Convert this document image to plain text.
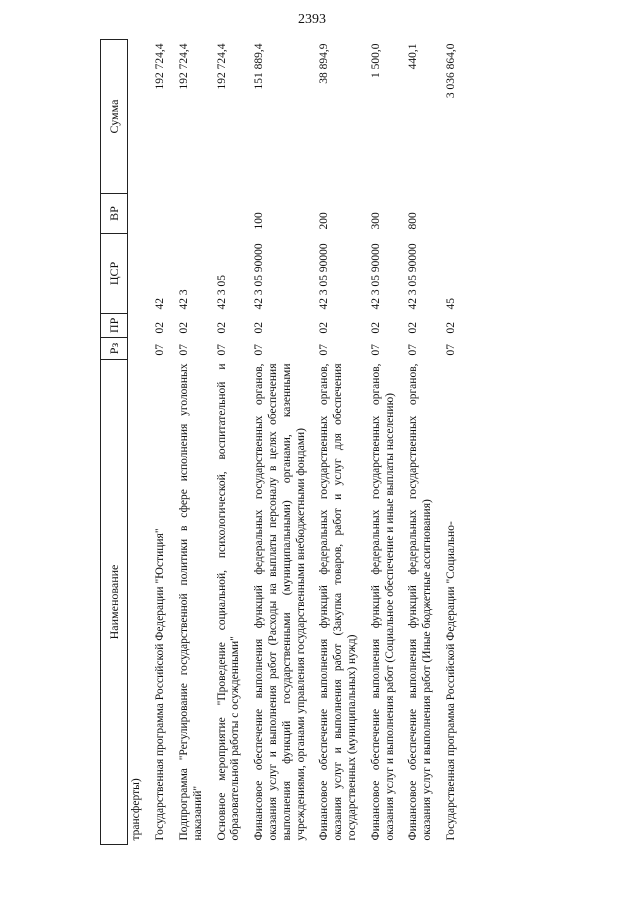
2393
Наименование	Рз	ПР	ЦСР	ВР	Сумма
трансферты)					
Государственная программа Российской Федерации "Юстиция"	07	02	42		192 724,4
Подпрограмма "Регулирование государственной политики в сфере исполнения уголовных наказаний"	07	02	42 3		192 724,4
Основное мероприятие "Проведение социальной, психологической, воспитательной и образовательной работы с осужденными"	07	02	42 3 05		192 724,4
Финансовое обеспечение выполнения функций федеральных государственных органов, оказания услуг и выполнения работ (Расходы на выплаты персоналу в целях обеспечения выполнения функций государственными (муниципальными) органами, казенными учреждениями, органами управления государственными внебюджетными фондами)	07	02	42 3 05 90000	100	151 889,4
Финансовое обеспечение выполнения функций федеральных государственных органов, оказания услуг и выполнения работ (Закупка товаров, работ и услуг для обеспечения государственных (муниципальных) нужд)	07	02	42 3 05 90000	200	38 894,9
Финансовое обеспечение выполнения функций федеральных государственных органов, оказания услуг и выполнения работ (Социальное обеспечение и иные выплаты населению)	07	02	42 3 05 90000	300	1 500,0
Финансовое обеспечение выполнения функций федеральных государственных органов, оказания услуг и выполнения работ (Иные бюджетные ассигнования)	07	02	42 3 05 90000	800	440,1
Государственная программа Российской Федерации "Социально-	07	02	45		3 036 864,0
